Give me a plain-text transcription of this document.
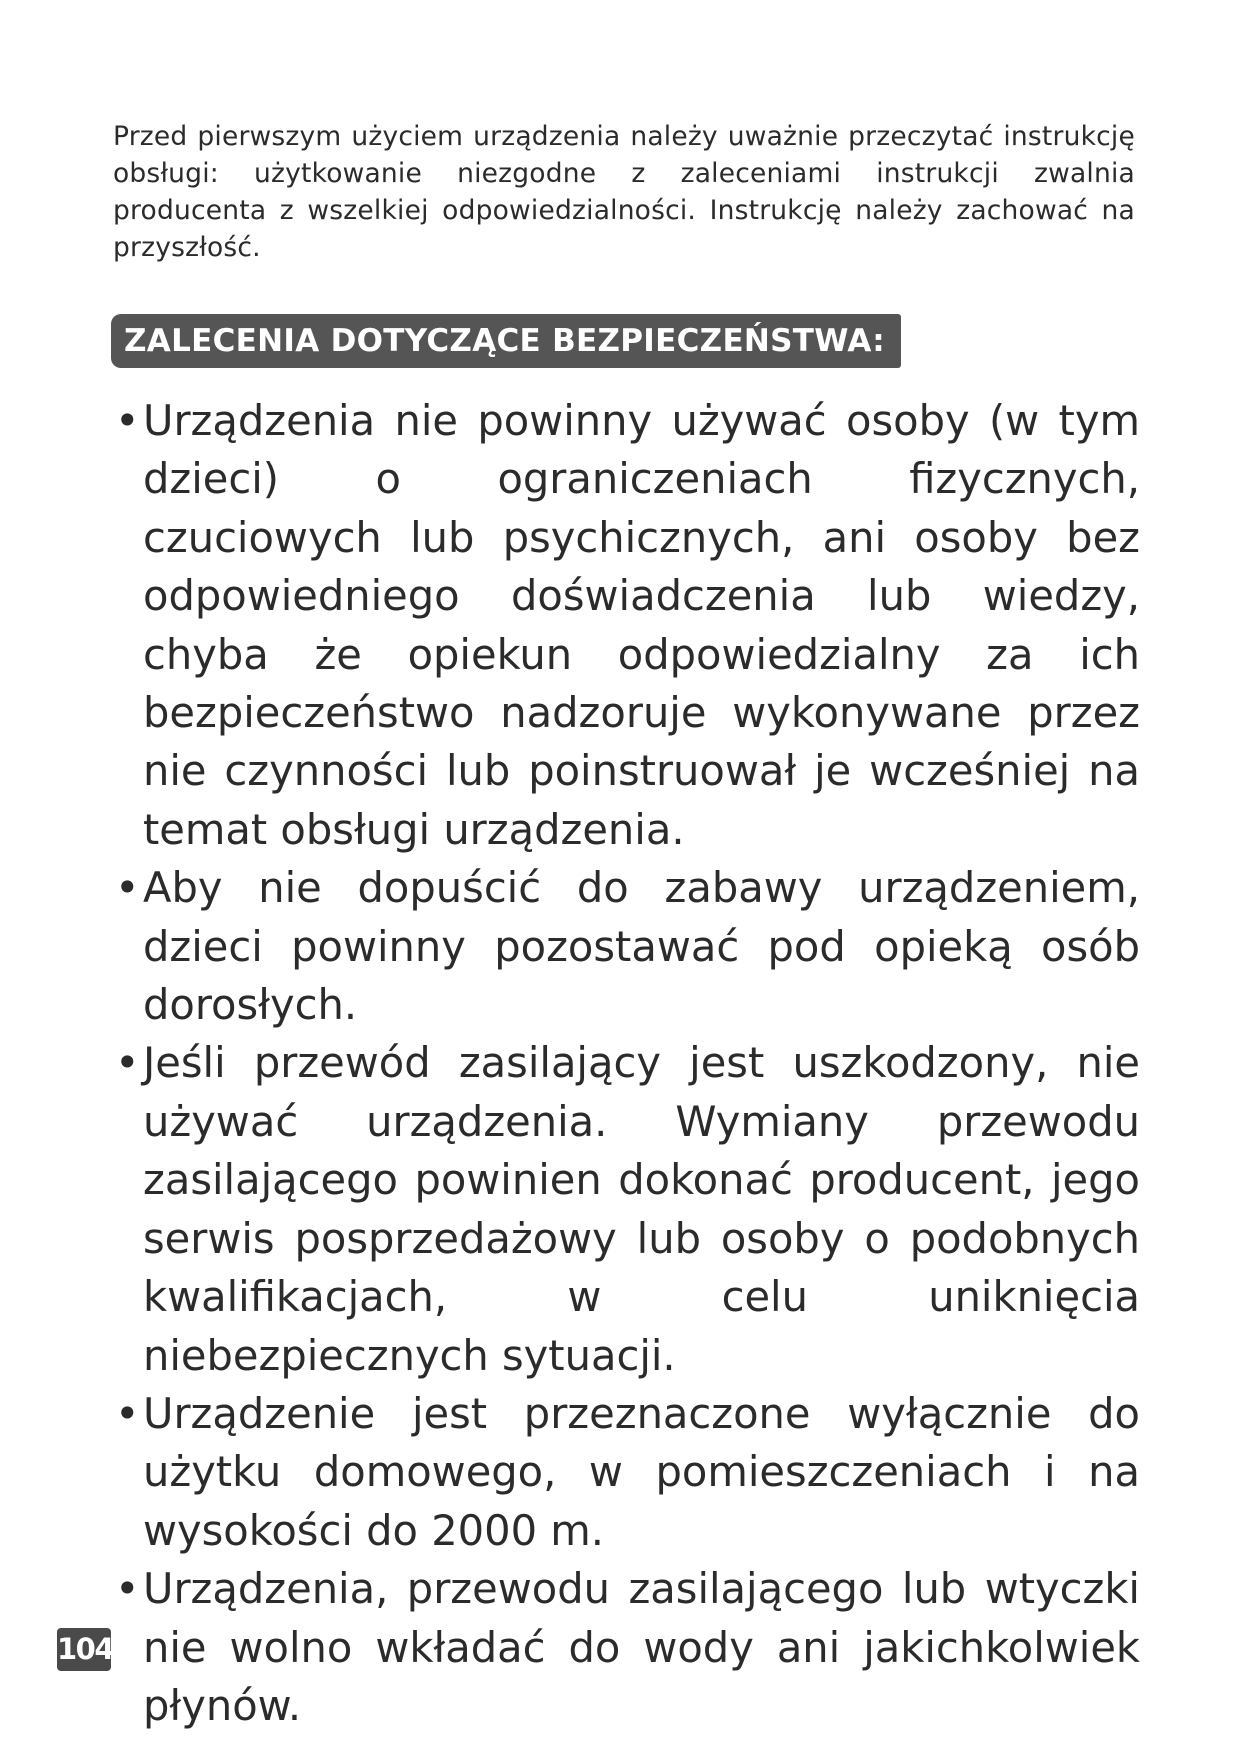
Przed pierwszym użyciem urządzenia należy uważnie przeczytać instrukcję obsługi: użytkowanie niezgodne z zaleceniami instrukcji zwalnia producenta z wszelkiej odpowiedzialności. Instrukcję należy zachować na przyszłość.

ZALECENIA DOTYCZĄCE BEZPIECZEŃSTWA:
• Urządzenia nie powinny używać osoby (w tym dzieci) o ograniczeniach fizycznych, czuciowych lub psychicznych, ani osoby bez odpowiedniego doświadczenia lub wiedzy, chyba że opiekun odpowiedzialny za ich bezpieczeństwo nadzoruje wykonywane przez nie czynności lub poinstruował je wcześniej na temat obsługi urządzenia.
• Aby nie dopuścić do zabawy urządzeniem, dzieci powinny pozostawać pod opieką osób dorosłych.
• Jeśli przewód zasilający jest uszkodzony, nie używać urządzenia. Wymiany przewodu zasilającego powinien dokonać producent, jego serwis posprzedażowy lub osoby o podobnych kwalifikacjach, w celu uniknięcia niebezpiecznych sytuacji.
• Urządzenie jest przeznaczone wyłącznie do użytku domowego, w pomieszczeniach i na wysokości do 2000 m.
• Urządzenia, przewodu zasilającego lub wtyczki nie wolno wkładać do wody ani jakichkolwiek płynów.
104
